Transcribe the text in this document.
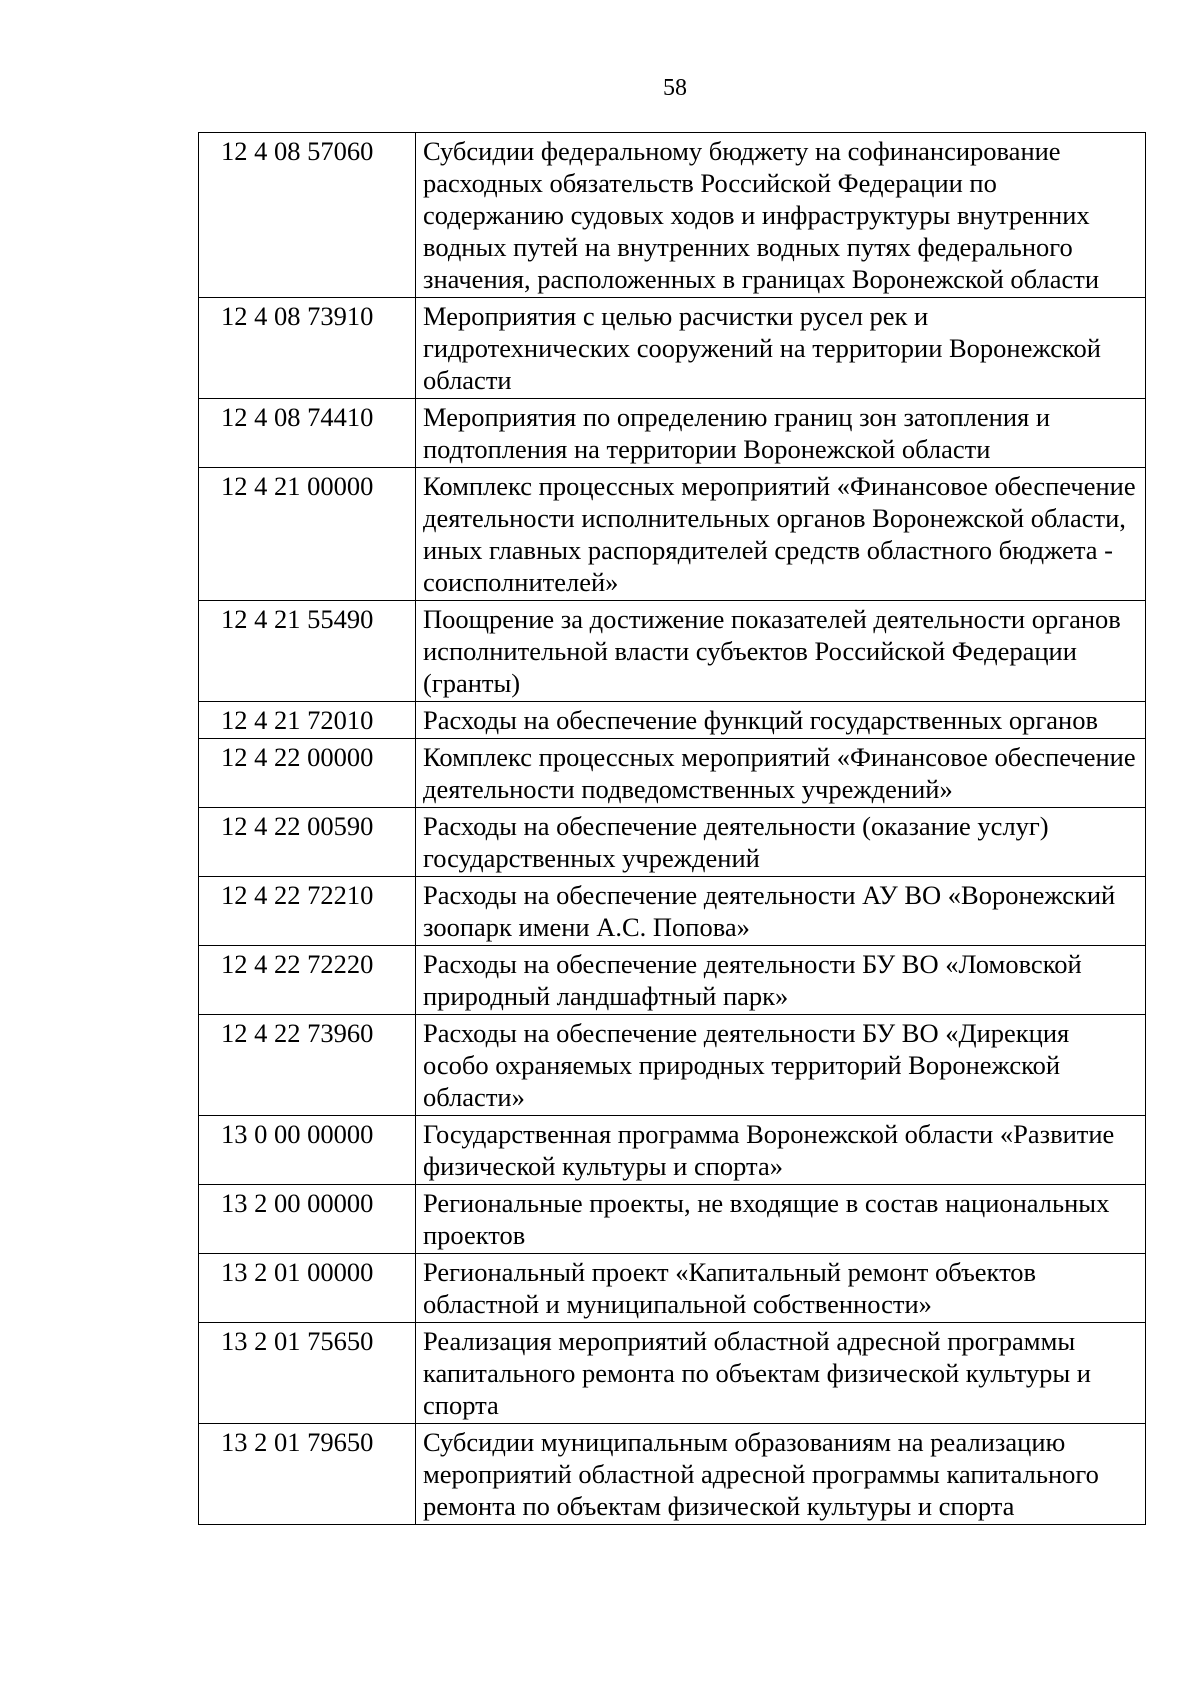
58
12 4 08 57060	Субсидии федеральному бюджету на софинансирование расходных обязательств Российской Федерации по содержанию судовых ходов и инфраструктуры внутренних водных путей на внутренних водных путях федерального значения, расположенных в границах Воронежской области
12 4 08 73910	Мероприятия с целью расчистки русел рек и гидротехнических сооружений на территории Воронежской области
12 4 08 74410	Мероприятия по определению границ зон затопления и подтопления на территории Воронежской области
12 4 21 00000	Комплекс процессных мероприятий «Финансовое обеспечение деятельности исполнительных органов Воронежской области, иных главных распорядителей средств областного бюджета - соисполнителей»
12 4 21 55490	Поощрение за достижение показателей деятельности органов исполнительной власти субъектов Российской Федерации (гранты)
12 4 21 72010	Расходы на обеспечение функций государственных органов
12 4 22 00000	Комплекс процессных мероприятий «Финансовое обеспечение деятельности подведомственных учреждений»
12 4 22 00590	Расходы на обеспечение деятельности (оказание услуг) государственных учреждений
12 4 22 72210	Расходы на обеспечение деятельности АУ ВО «Воронежский зоопарк имени А.С. Попова»
12 4 22 72220	Расходы на обеспечение деятельности БУ ВО «Ломовской природный ландшафтный парк»
12 4 22 73960	Расходы на обеспечение деятельности БУ ВО «Дирекция особо охраняемых природных территорий Воронежской области»
13 0 00 00000	Государственная программа Воронежской области «Развитие физической культуры и спорта»
13 2 00 00000	Региональные проекты, не входящие в состав национальных проектов
13 2 01 00000	Региональный проект «Капитальный ремонт объектов областной и муниципальной собственности»
13 2 01 75650	Реализация мероприятий областной адресной программы капитального ремонта по объектам физической культуры и спорта
13 2 01 79650	Субсидии муниципальным образованиям на реализацию мероприятий областной адресной программы капитального ремонта по объектам физической культуры и спорта
